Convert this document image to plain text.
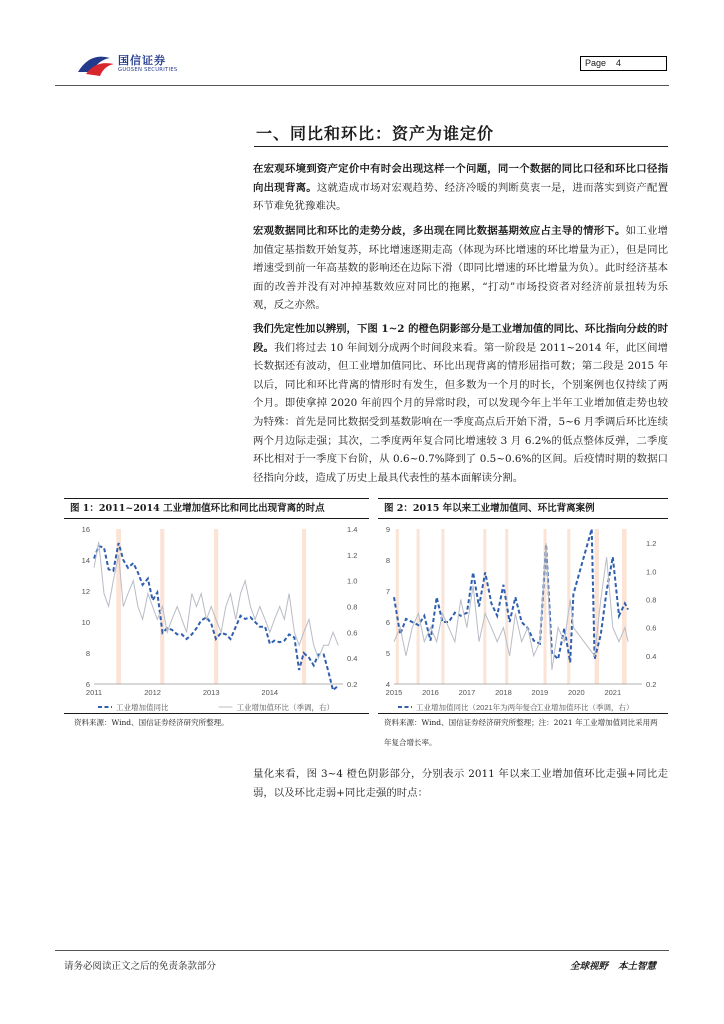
国信证券
GUOSEN SECURITIES
Page 4
一、同比和环比：资产为谁定价
在宏观环境到资产定价中有时会出现这样一个问题，同一个数据的同比口径和环比口径指向出现背离。这就造成市场对宏观趋势、经济冷暖的判断莫衷一是，进而落实到资产配置环节难免犹豫难决。
宏观数据同比和环比的走势分歧，多出现在同比数据基期效应占主导的情形下。如工业增加值定基指数开始复苏，环比增速逐期走高（体现为环比增速的环比增量为正），但是同比增速受到前一年高基数的影响还在边际下滑（即同比增速的环比增量为负）。此时经济基本面的改善并没有对冲掉基数效应对同比的拖累，“打动”市场投资者对经济前景扭转为乐观，反之亦然。
我们先定性加以辨别，下图 1~2 的橙色阴影部分是工业增加值的同比、环比指向分歧的时段。我们将过去 10 年间划分成两个时间段来看。第一阶段是 2011~2014 年，此区间增长数据还有波动，但工业增加值同比、环比出现背离的情形屈指可数；第二段是 2015 年以后，同比和环比背离的情形时有发生，但多数为一个月的时长，个别案例也仅持续了两个月。即使拿掉 2020 年前四个月的异常时段，可以发现今年上半年工业增加值走势也较为特殊：首先是同比数据受到基数影响在一季度高点后开始下滑，5~6 月季调后环比连续两个月边际走强；其次，二季度两年复合同比增速较 3 月 6.2%的低点整体反弹，二季度环比相对于一季度下台阶，从 0.6~0.7%降到了 0.5~0.6%的区间。后疫情时期的数据口径指向分歧，造成了历史上最具代表性的基本面解读分割。
图 1：2011~2014 工业增加值环比和同比出现背离的时点
6
8
10
12
14
16
0.2
0.4
0.6
0.8
1.0
1.2
1.4
2011	2012	2013	2014
工业增加值同比	工业增加值环比（季调，右）
资料来源：Wind、国信证券经济研究所整理。
图 2：2015 年以来工业增加值同、环比背离案例
4
5
6
7
8
9
0.2
0.4
0.6
0.8
1.0
1.2
2015	2016	2017	2018	2019	2020	2021
工业增加值同比（2021年为两年复合）
工业增加值环比（季调，右）
资料来源：Wind、国信证券经济研究所整理；注：2021 年工业增加值同比采用两年复合增长率。
量化来看，图 3~4 橙色阴影部分，分别表示 2011 年以来工业增加值环比走强+同比走弱，以及环比走弱+同比走强的时点：
请务必阅读正文之后的免责条款部分	全球视野 本土智慧
